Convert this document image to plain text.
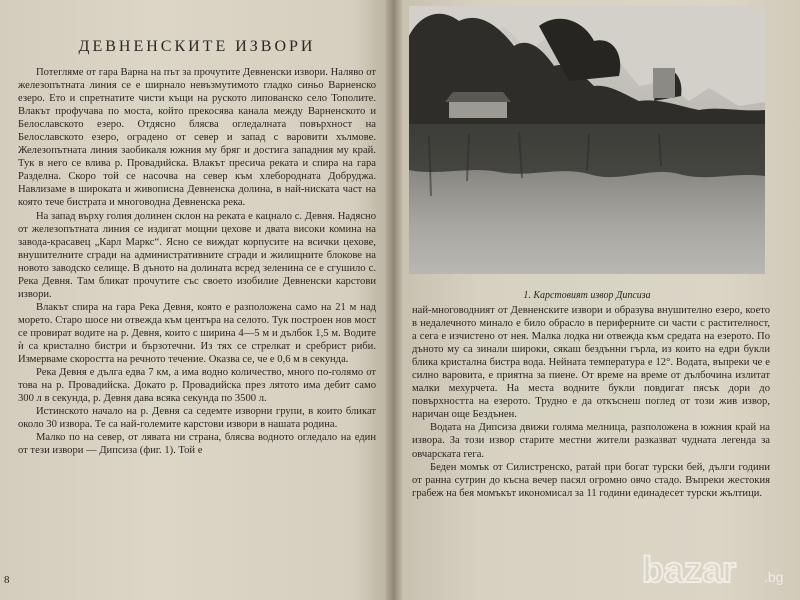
ДЕВНЕНСКИТЕ ИЗВОРИ

Потегляме от гара Варна на път за прочутите Девненски извори. Наляво от железопътната линия се е ширнало невъзмутимото гладко синьо Варненско езеро. Ето и спретнатите чисти къщи на руското липованско село Тополите. Влакът профучава по моста, който прекосява канала между Варненското и Белославското езеро. Отдясно блясва огледалната повърхност на Белославското езеро, оградено от север и запад с варовити хълмове. Железопътната линия заобикаля южния му бряг и достига западния му край. Тук в него се влива р. Провадийска. Влакът пресича реката и спира на гара Разделна. Скоро той се насочва на север към хлебородната Добруджа. Навлизаме в широката и живописна Девненска долина, в най-ниската част на която тече бистрата и многоводна Девненска река.

На запад върху голия долинен склон на реката е кацнало с. Девня. Надясно от железопътната линия се издигат мощни цехове и двата високи комина на завода-красавец „Карл Маркс“. Ясно се виждат корпусите на всички цехове, внушителните сгради на административните сгради и жилищните блокове на новото заводско селище. В дъното на долината всред зеленина се е сгушило с. Река Девня. Там бликат прочутите със своето изобилие Девненски карстови извори.

Влакът спира на гара Река Девня, която е разположена само на 21 м над морето. Старо шосе ни отвежда към центъра на селото. Тук построен нов мост се провират водите на р. Девня, които с ширина 4—5 м и дълбок 1,5 м. Водите ѝ са кристално бистри и бързотечни. Из тях се стрелкат и сребрист риби. Измерваме скоростта на речното течение. Оказва се, че е 0,6 м в секунда.

Река Девня е дълга едва 7 км, а има водно количество, много по-голямо от това на р. Провадийска. Докато р. Провадийска през лятото има дебит само 300 л в секунда, р. Девня дава всяка секунда по 3500 л.

Истинското начало на р. Девня са седемте изворни групи, в които бликат около 30 извора. Те са най-големите карстови извори в нашата родина.

Малко по на север, от лявата ни страна, блясва водното огледало на един от тези извори — Дипсиза (фиг. 1). Той е

8
1. Карстовият извор Дипсиза

най-многоводният от Девненските извори и образува внушително езеро, което в недалечното минало е било обрасло в периферните си части с растителност, а сега е изчистено от нея. Малка лодка ни отвежда към средата на езерото. По дъното му са зинали широки, сякаш бездънни гърла, из които на едри букли блика кристална бистра вода. Нейната температура е 12°. Водата, въпреки че е силно варовита, е приятна за пиене. От време на време от дълбочина излитат малки мехурчета. На места водните букли повдигат пясък дори до повърхността на езерото. Трудно е да откъснеш поглед от този жив извор, наричан още Бездънен.

Водата на Дипсиза движи голяма мелница, разположена в южния край на извора. За този извор старите местни жители разказват чудната легенда за овчарската гега.

Беден момък от Силистренско, ратай при богат турски бей, дълги години от ранна сутрин до късна вечер пасял огромно овчо стадо. Въпреки жестокия грабеж на бея момъкът икономисал за 11 години единадесет турски жълтици.

bazar .bg
